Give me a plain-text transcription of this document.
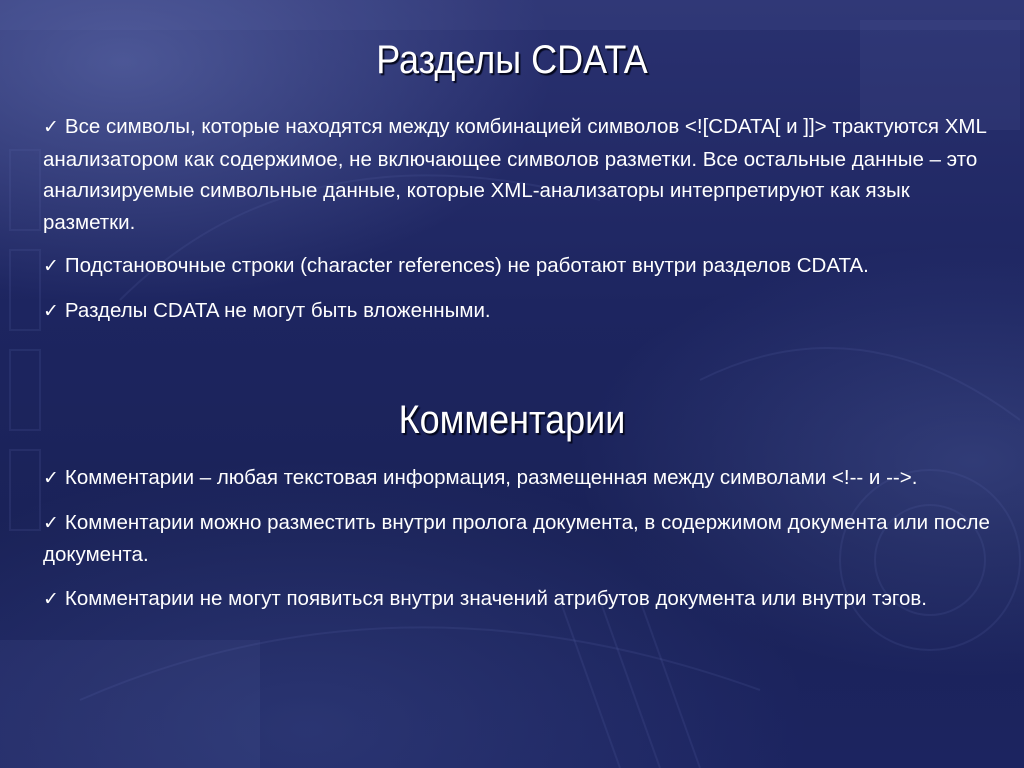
Разделы CDATA
✓ Все символы, которые находятся между комбинацией символов <![CDATA[ и ]]> трактуются XML анализатором как содержимое, не включающее символов разметки. Все остальные данные – это анализируемые символьные данные, которые XML-анализаторы интерпретируют как язык разметки.
✓ Подстановочные строки (character references) не работают внутри разделов CDATA.
✓ Разделы CDATA не могут быть вложенными.
Комментарии
✓ Комментарии – любая текстовая информация, размещенная между символами <!-- и -->.
✓ Комментарии можно разместить внутри пролога документа, в содержимом документа или после документа.
✓ Комментарии не могут появиться внутри значений атрибутов документа или внутри тэгов.
